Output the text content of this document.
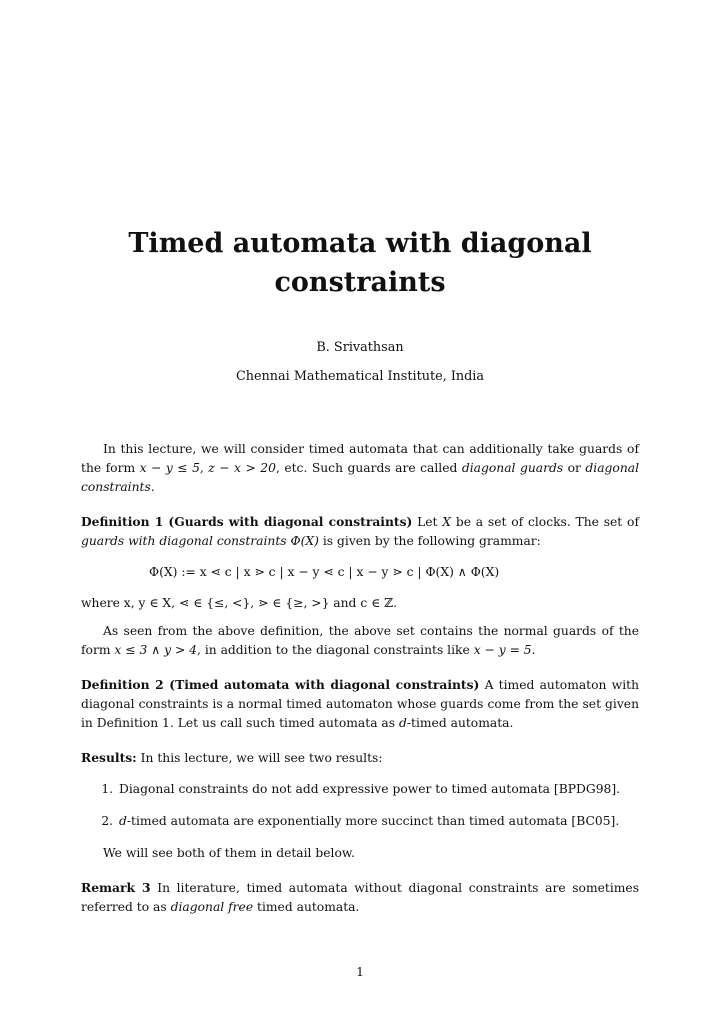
Timed automata with diagonal constraints
B. Srivathsan
Chennai Mathematical Institute, India

In this lecture, we will consider timed automata that can additionally take guards of the form x − y ≤ 5, z − x > 20, etc. Such guards are called diagonal guards or diagonal constraints.

Definition 1 (Guards with diagonal constraints) Let X be a set of clocks. The set of guards with diagonal constraints Φ(X) is given by the following grammar:

Φ(X) := x ⋖ c | x ⋗ c | x − y ⋖ c | x − y ⋗ c | Φ(X) ∧ Φ(X)

where x, y ∈ X, ⋖ ∈ {≤, <}, ⋗ ∈ {≥, >} and c ∈ ℤ.

As seen from the above definition, the above set contains the normal guards of the form x ≤ 3 ∧ y > 4, in addition to the diagonal constraints like x − y = 5.

Definition 2 (Timed automata with diagonal constraints) A timed automaton with diagonal constraints is a normal timed automaton whose guards come from the set given in Definition 1. Let us call such timed automata as d-timed automata.

Results: In this lecture, we will see two results:

1. Diagonal constraints do not add expressive power to timed automata [BPDG98].
2. d-timed automata are exponentially more succinct than timed automata [BC05].

We will see both of them in detail below.

Remark 3 In literature, timed automata without diagonal constraints are sometimes referred to as diagonal free timed automata.

1
